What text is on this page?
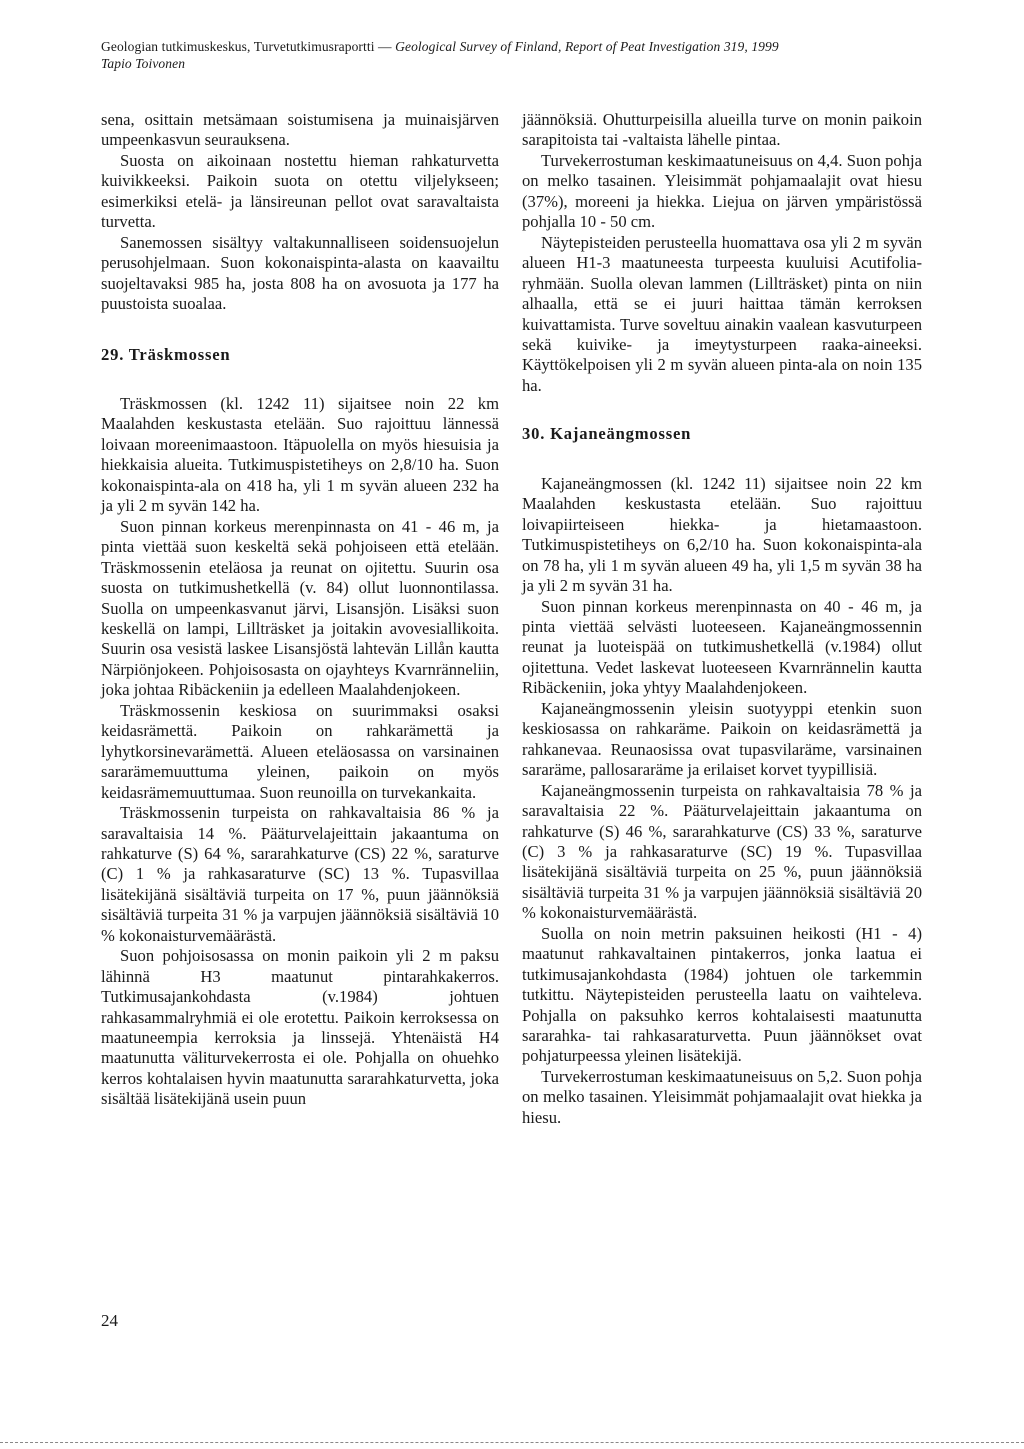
Geologian tutkimuskeskus, Turvetutkimusraportti — Geological Survey of Finland, Report of Peat Investigation 319, 1999
Tapio Toivonen

sena, osittain metsämaan soistumisena ja muinaisjärven umpeenkasvun seurauksena.

Suosta on aikoinaan nostettu hieman rahkaturvetta kuivikkeeksi. Paikoin suota on otettu viljelykseen; esimerkiksi etelä- ja länsireunan pellot ovat saravaltaista turvetta.

Sanemossen sisältyy valtakunnalliseen soidensuojelun perusohjelmaan. Suon kokonaispinta-alasta on kaavailtu suojeltavaksi 985 ha, josta 808 ha on avosuota ja 177 ha puustoista suoalaa.

29. Träskmossen

Träskmossen (kl. 1242 11) sijaitsee noin 22 km Maalahden keskustasta etelään. Suo rajoittuu lännessä loivaan moreenimaastoon. Itäpuolella on myös hiesuisia ja hiekkaisia alueita. Tutkimuspistetiheys on 2,8/10 ha. Suon kokonaispinta-ala on 418 ha, yli 1 m syvän alueen 232 ha ja yli 2 m syvän 142 ha.

Suon pinnan korkeus merenpinnasta on 41 - 46 m, ja pinta viettää suon keskeltä sekä pohjoiseen että etelään. Träskmossenin eteläosa ja reunat on ojitettu. Suurin osa suosta on tutkimushetkellä (v. 84) ollut luonnontilassa. Suolla on umpeenkasvanut järvi, Lisansjön. Lisäksi suon keskellä on lampi, Lillträsket ja joitakin avovesiallikoita. Suurin osa vesistä laskee Lisansjöstä lahtevän Lillån kautta Närpiönjokeen. Pohjoisosasta on ojayhteys Kvarnränneliin, joka johtaa Ribäckeniin ja edelleen Maalahdenjokeen.

Träskmossenin keskiosa on suurimmaksi osaksi keidasrämettä. Paikoin on rahkarämettä ja lyhytkorsinevarämettä. Alueen eteläosassa on varsinainen sararämemuuttuma yleinen, paikoin on myös keidasrämemuuttumaa. Suon reunoilla on turvekankaita.

Träskmossenin turpeista on rahkavaltaisia 86 % ja saravaltaisia 14 %. Pääturvelajeittain jakaantuma on rahkaturve (S) 64 %, sararahkaturve (CS) 22 %, saraturve (C) 1 % ja rahkasaraturve (SC) 13 %. Tupasvillaa lisätekijänä sisältäviä turpeita on 17 %, puun jäännöksiä sisältäviä turpeita 31 % ja varpujen jäännöksiä sisältäviä 10 % kokonaisturvemäärästä.

Suon pohjoisosassa on monin paikoin yli 2 m paksu lähinnä H3 maatunut pintarahkakerros. Tutkimusajankohdasta (v.1984) johtuen rahkasammalryhmiä ei ole erotettu. Paikoin kerroksessa on maatuneempia kerroksia ja linssejä. Yhtenäistä H4 maatunutta väliturvekerrosta ei ole. Pohjalla on ohuehko kerros kohtalaisen hyvin maatunutta sararahkaturvetta, joka sisältää lisätekijänä usein puun

jäännöksiä. Ohutturpeisilla alueilla turve on monin paikoin sarapitoista tai -valtaista lähelle pintaa.

Turvekerrostuman keskimaatuneisuus on 4,4. Suon pohja on melko tasainen. Yleisimmät pohjamaalajit ovat hiesu (37%), moreeni ja hiekka. Liejua on järven ympäristössä pohjalla 10 - 50 cm.

Näytepisteiden perusteella huomattava osa yli 2 m syvän alueen H1-3 maatuneesta turpeesta kuuluisi Acutifolia-ryhmään. Suolla olevan lammen (Lillträsket) pinta on niin alhaalla, että se ei juuri haittaa tämän kerroksen kuivattamista. Turve soveltuu ainakin vaalean kasvuturpeen sekä kuivike- ja imeytysturpeen raaka-aineeksi. Käyttökelpoisen yli 2 m syvän alueen pinta-ala on noin 135 ha.

30. Kajaneängmossen

Kajaneängmossen (kl. 1242 11) sijaitsee noin 22 km Maalahden keskustasta etelään. Suo rajoittuu loivapiirteiseen hiekka- ja hietamaastoon. Tutkimuspistetiheys on 6,2/10 ha. Suon kokonaispinta-ala on 78 ha, yli 1 m syvän alueen 49 ha, yli 1,5 m syvän 38 ha ja yli 2 m syvän 31 ha.

Suon pinnan korkeus merenpinnasta on 40 - 46 m, ja pinta viettää selvästi luoteeseen. Kajaneängmossennin reunat ja luoteispää on tutkimushetkellä (v.1984) ollut ojitettuna. Vedet laskevat luoteeseen Kvarnrännelin kautta Ribäckeniin, joka yhtyy Maalahdenjokeen.

Kajaneängmossenin yleisin suotyyppi etenkin suon keskiosassa on rahkaräme. Paikoin on keidasrämettä ja rahkanevaa. Reunaosissa ovat tupasvilaräme, varsinainen sararäme, pallosararäme ja erilaiset korvet tyypillisiä.

Kajaneängmossenin turpeista on rahkavaltaisia 78 % ja saravaltaisia 22 %. Pääturvelajeittain jakaantuma on rahkaturve (S) 46 %, sararahkaturve (CS) 33 %, saraturve (C) 3 % ja rahkasaraturve (SC) 19 %. Tupasvillaa lisätekijänä sisältäviä turpeita on 25 %, puun jäännöksiä sisältäviä turpeita 31 % ja varpujen jäännöksiä sisältäviä 20 % kokonaisturvemäärästä.

Suolla on noin metrin paksuinen heikosti (H1 - 4) maatunut rahkavaltainen pintakerros, jonka laatua ei tutkimusajankohdasta (1984) johtuen ole tarkemmin tutkittu. Näytepisteiden perusteella laatu on vaihteleva. Pohjalla on paksuhko kerros kohtalaisesti maatunutta sararahka- tai rahkasaraturvetta. Puun jäännökset ovat pohjaturpeessa yleinen lisätekijä.

Turvekerrostuman keskimaatuneisuus on 5,2. Suon pohja on melko tasainen. Yleisimmät pohjamaalajit ovat hiekka ja hiesu.

24
